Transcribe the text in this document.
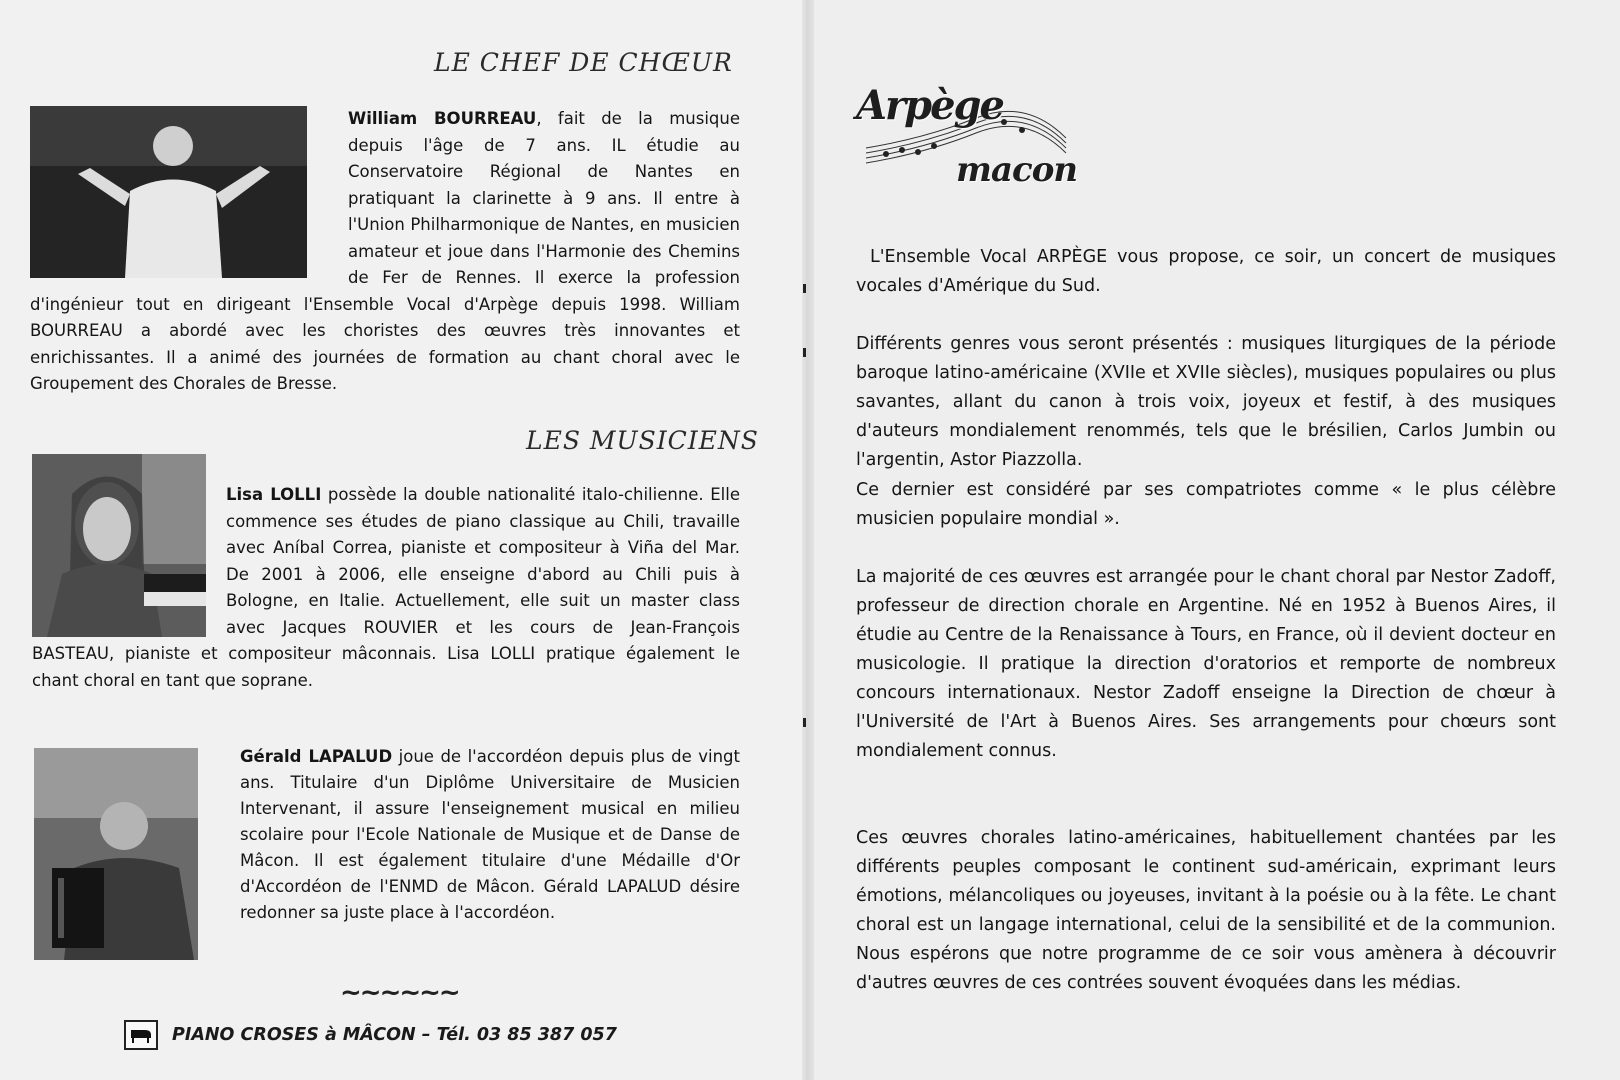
LE CHEF DE CHŒUR

William BOURREAU, fait de la musique depuis l'âge de 7 ans. IL étudie au Conservatoire Régional de Nantes en pratiquant la clarinette à 9 ans. Il entre à l'Union Philharmonique de Nantes, en musicien amateur et joue dans l'Harmonie des Chemins de Fer de Rennes. Il exerce la profession d'ingénieur tout en dirigeant l'Ensemble Vocal d'Arpège depuis 1998. William BOURREAU a abordé avec les choristes des œuvres très innovantes et enrichissantes. Il a animé des journées de formation au chant choral avec le Groupement des Chorales de Bresse.

LES MUSICIENS

Lisa LOLLI possède la double nationalité italo-chilienne. Elle commence ses études de piano classique au Chili, travaille avec Aníbal Correa, pianiste et compositeur à Viña del Mar. De 2001 à 2006, elle enseigne d'abord au Chili puis à Bologne, en Italie. Actuellement, elle suit un master class avec Jacques ROUVIER et les cours de Jean-François BASTEAU, pianiste et compositeur mâconnais. Lisa LOLLI pratique également le chant choral en tant que soprane.

Gérald LAPALUD joue de l'accordéon depuis plus de vingt ans. Titulaire d'un Diplôme Universitaire de Musicien Intervenant, il assure l'enseignement musical en milieu scolaire pour l'Ecole Nationale de Musique et de Danse de Mâcon. Il est également titulaire d'une Médaille d'Or d'Accordéon de l'ENMD de Mâcon. Gérald LAPALUD désire redonner sa juste place à l'accordéon.

~~~~~~
PIANO CROSES à MÂCON – Tél. 03 85 387 057
Arpège
macon

L'Ensemble Vocal ARPÈGE vous propose, ce soir, un concert de musiques vocales d'Amérique du Sud.

Différents genres vous seront présentés : musiques liturgiques de la période baroque latino-américaine (XVIIe et XVIIe siècles), musiques populaires ou plus savantes, allant du canon à trois voix, joyeux et festif, à des musiques d'auteurs mondialement renommés, tels que le brésilien, Carlos Jumbin ou l'argentin, Astor Piazzolla.

Ce dernier est considéré par ses compatriotes comme « le plus célèbre musicien populaire mondial ».

La majorité de ces œuvres est arrangée pour le chant choral par Nestor Zadoff, professeur de direction chorale en Argentine. Né en 1952 à Buenos Aires, il étudie au Centre de la Renaissance à Tours, en France, où il devient docteur en musicologie. Il pratique la direction d'oratorios et remporte de nombreux concours internationaux. Nestor Zadoff enseigne la Direction de chœur à l'Université de l'Art à Buenos Aires. Ses arrangements pour chœurs sont mondialement connus.

Ces œuvres chorales latino-américaines, habituellement chantées par les différents peuples composant le continent sud-américain, exprimant leurs émotions, mélancoliques ou joyeuses, invitant à la poésie ou à la fête. Le chant choral est un langage international, celui de la sensibilité et de la communion. Nous espérons que notre programme de ce soir vous amènera à découvrir d'autres œuvres de ces contrées souvent évoquées dans les médias.
